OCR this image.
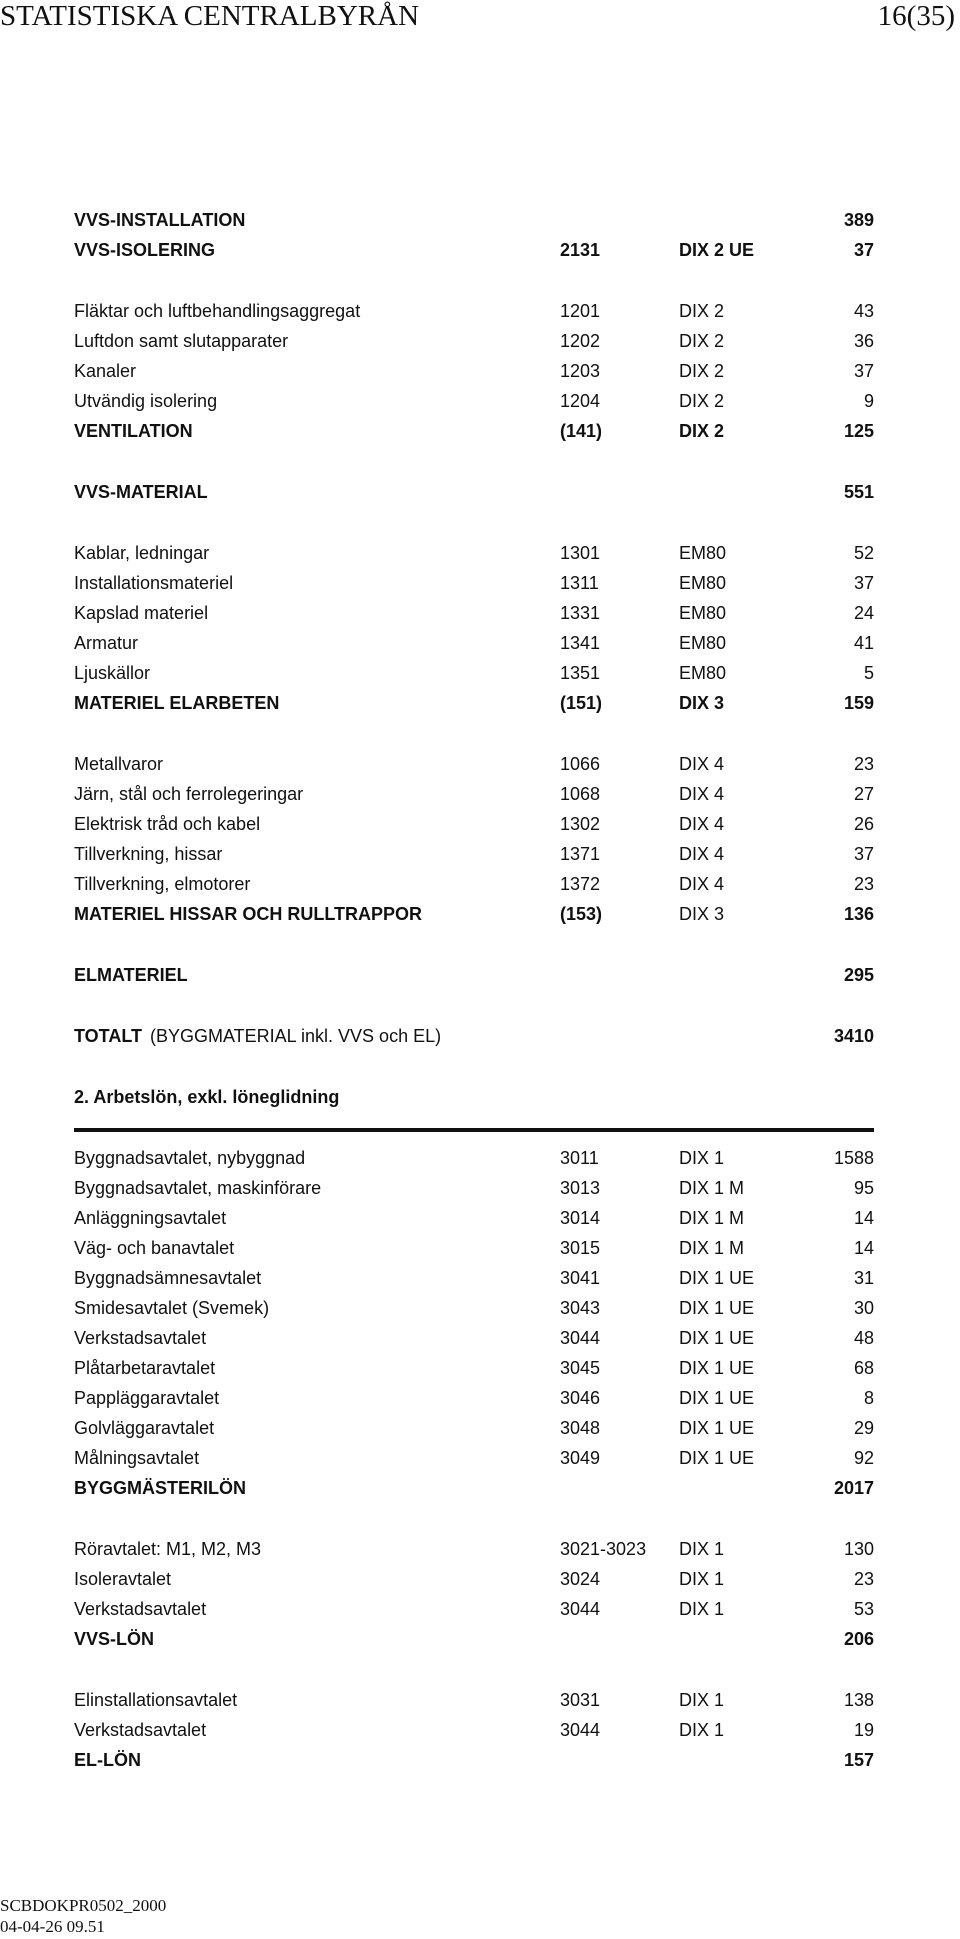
STATISTISKA CENTRALBYRÅN	16(35)
VVS-INSTALLATION	389
VVS-ISOLERING	2131	DIX 2 UE	37
Fläktar och luftbehandlingsaggregat	1201	DIX 2	43
Luftdon samt slutapparater	1202	DIX 2	36
Kanaler	1203	DIX 2	37
Utvändig isolering	1204	DIX 2	9
VENTILATION	(141)	DIX 2	125
VVS-MATERIAL	551
Kablar, ledningar	1301	EM80	52
Installationsmateriel	1311	EM80	37
Kapslad materiel	1331	EM80	24
Armatur	1341	EM80	41
Ljuskällor	1351	EM80	5
MATERIEL ELARBETEN	(151)	DIX 3	159
Metallvaror	1066	DIX 4	23
Järn, stål och ferrolegeringar	1068	DIX 4	27
Elektrisk tråd och kabel	1302	DIX 4	26
Tillverkning, hissar	1371	DIX 4	37
Tillverkning, elmotorer	1372	DIX 4	23
MATERIEL HISSAR OCH RULLTRAPPOR	(153)	DIX 3	136
ELMATERIEL	295
TOTALT (BYGGMATERIAL inkl. VVS och EL)	3410
2. Arbetslön, exkl. löneglidning
Byggnadsavtalet, nybyggnad	3011	DIX 1	1588
Byggnadsavtalet, maskinförare	3013	DIX 1 M	95
Anläggningsavtalet	3014	DIX 1 M	14
Väg- och banavtalet	3015	DIX 1 M	14
Byggnadsämnesavtalet	3041	DIX 1 UE	31
Smidesavtalet (Svemek)	3043	DIX 1 UE	30
Verkstadsavtalet	3044	DIX 1 UE	48
Plåtarbetaravtalet	3045	DIX 1 UE	68
Pappläggaravtalet	3046	DIX 1 UE	8
Golvläggaravtalet	3048	DIX 1 UE	29
Målningsavtalet	3049	DIX 1 UE	92
BYGGMÄSTERILÖN	2017
Röravtalet: M1, M2, M3	3021-3023 DIX 1	130
Isoleravtalet	3024	DIX 1	23
Verkstadsavtalet	3044	DIX 1	53
VVS-LÖN	206
Elinstallationsavtalet	3031	DIX 1	138
Verkstadsavtalet	3044	DIX 1	19
EL-LÖN	157
SCBDOKPR0502_2000
04-04-26 09.51
